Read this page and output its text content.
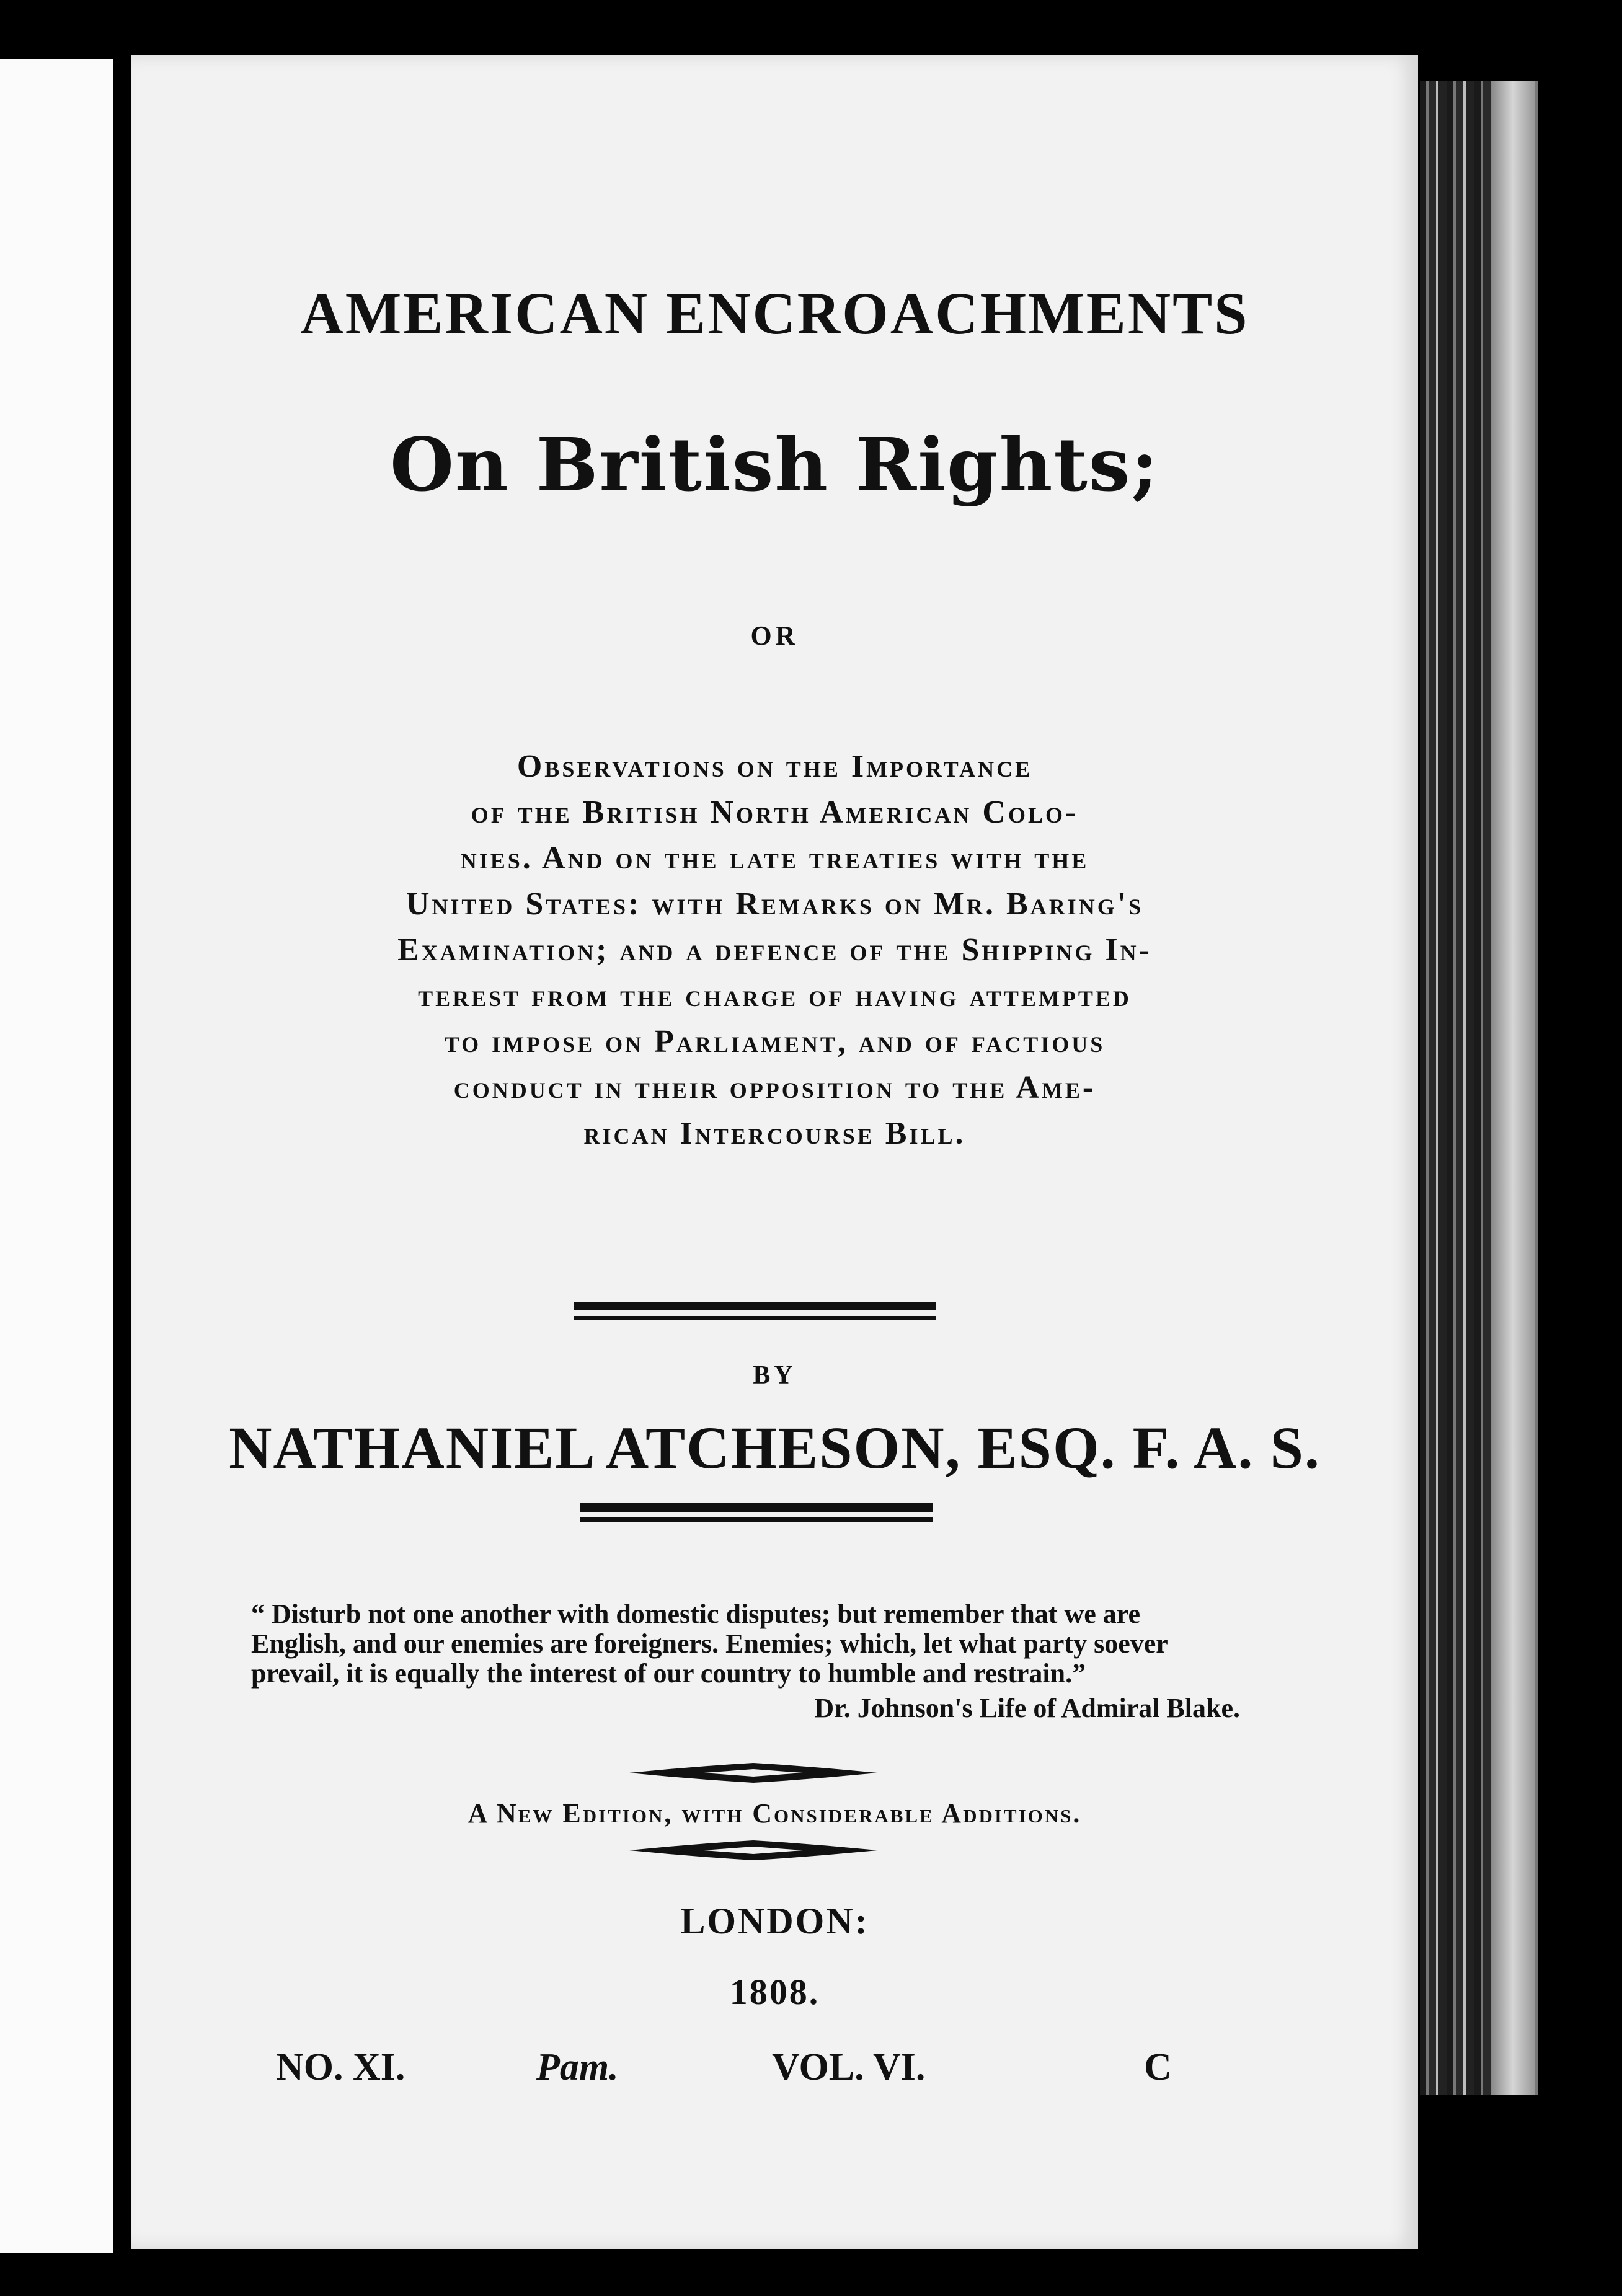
AMERICAN ENCROACHMENTS
On British Rights;
OR
Observations on the Importance
of the British North American Colo-
nies. And on the late treaties with the
United States: with Remarks on Mr. Baring's
Examination; and a defence of the Shipping In-
terest from the charge of having attempted
to impose on Parliament, and of factious
conduct in their opposition to the Ame-
rican Intercourse Bill.
BY
NATHANIEL ATCHESON, ESQ. F. A. S.
“ Disturb not one another with domestic disputes; but remember that we are
English, and our enemies are foreigners. Enemies; which, let what party soever
prevail, it is equally the interest of our country to humble and restrain.”
Dr. Johnson's Life of Admiral Blake.
A New Edition, with Considerable Additions.
LONDON:
1808.
NO. XI.	Pam.	VOL. VI.	C
